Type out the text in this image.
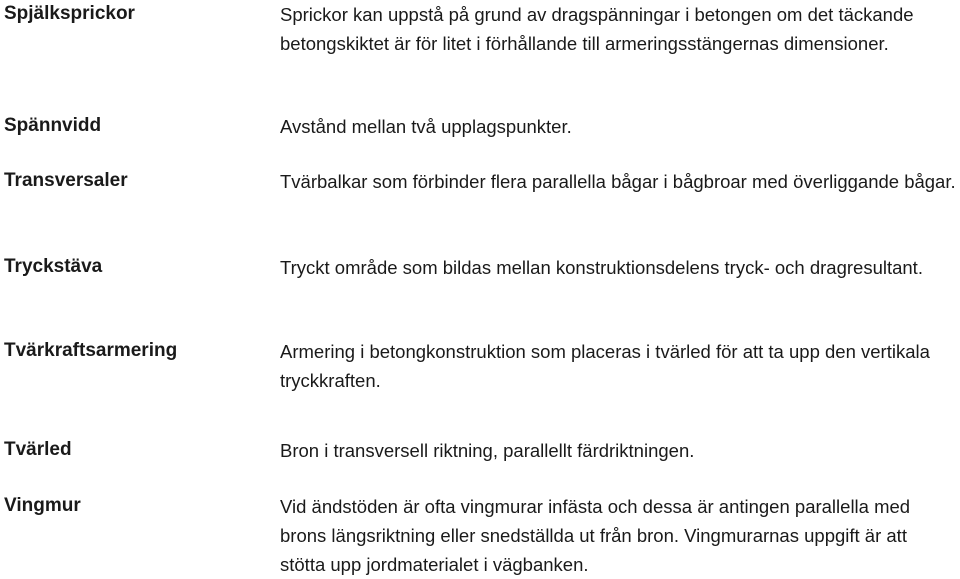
Spjälksprickor	Sprickor kan uppstå på grund av dragspänningar i betongen om det täckande betongskiktet är för litet i förhållande till armeringsstängernas dimensioner.

Spännvidd	Avstånd mellan två upplagspunkter.

Transversaler	Tvärbalkar som förbinder flera parallella bågar i bågbroar med överliggande bågar.

Tryckstäva	Tryckt område som bildas mellan konstruktionsdelens tryck- och dragresultant.

Tvärkraftsarmering	Armering i betongkonstruktion som placeras i tvärled för att ta upp den vertikala tryckkraften.

Tvärled	Bron i transversell riktning, parallellt färdriktningen.

Vingmur	Vid ändstöden är ofta vingmurar infästa och dessa är antingen parallella med brons längsriktning eller snedställda ut från bron. Vingmurarnas uppgift är att stötta upp jordmaterialet i vägbanken.
